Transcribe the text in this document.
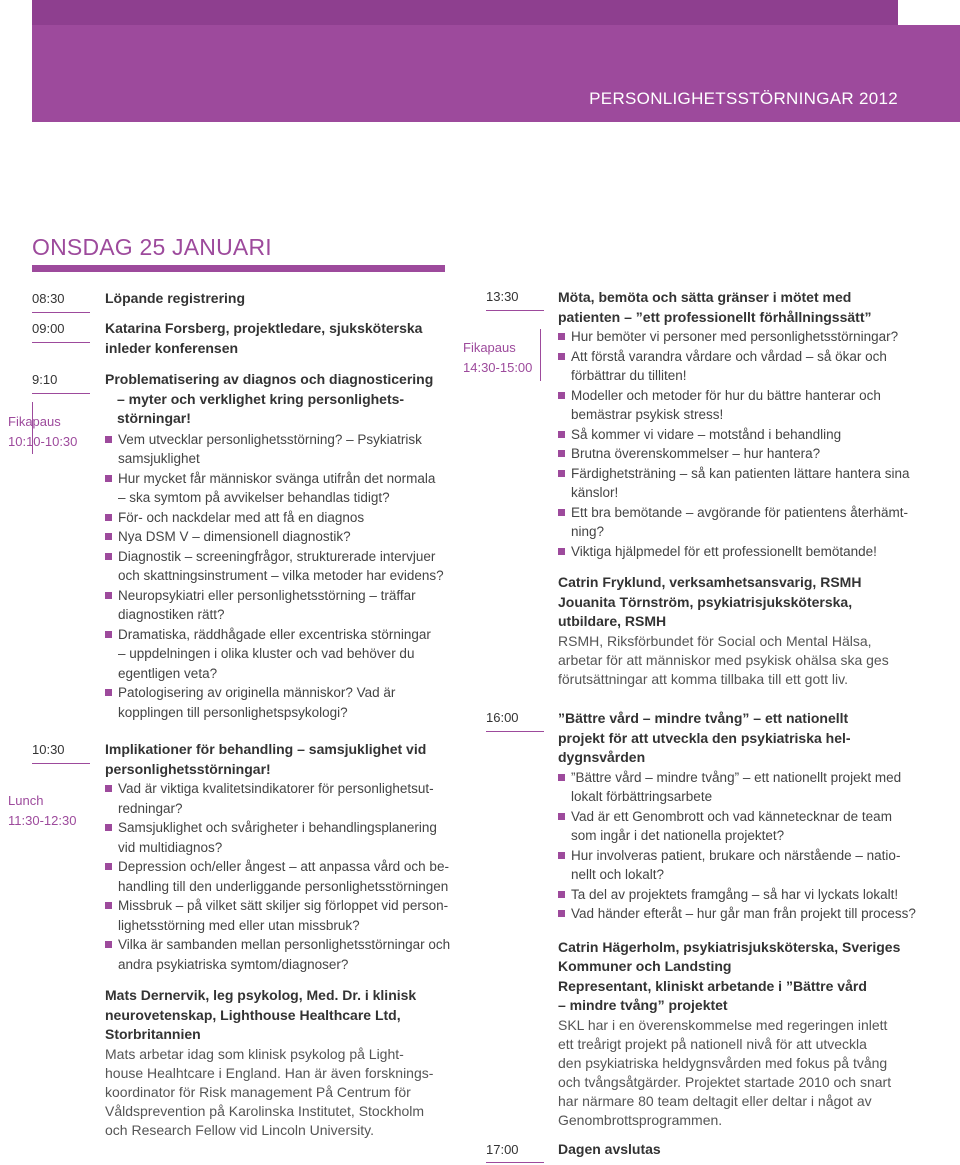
PERSONLIGHETSSTÖRNINGAR 2012
ONSDAG 25 JANUARI
08:30
09:00
9:10
Fikapaus
10:10-10:30
10:30
Lunch
11:30-12:30
Löpande registrering
Katarina Forsberg, projektledare, sjuksköterska
inleder konferensen
Problematisering av diagnos och diagnosticering
– myter och verklighet kring personlighets-
störningar!
Vem utvecklar personlighetsstörning? – Psykiatrisk
samsjuklighet
Hur mycket får människor svänga utifrån det normala
– ska symtom på avvikelser behandlas tidigt?
För- och nackdelar med att få en diagnos
Nya DSM V – dimensionell diagnostik?
Diagnostik – screeningfrågor, strukturerade intervjuer
och skattningsinstrument – vilka metoder har evidens?
Neuropsykiatri eller personlighetsstörning – träffar
diagnostiken rätt?
Dramatiska, räddhågade eller excentriska störningar
– uppdelningen i olika kluster och vad behöver du
egentligen veta?
Patologisering av originella människor? Vad är
kopplingen till personlighetspsykologi?
Implikationer för behandling – samsjuklighet vid
personlighetsstörningar!
Vad är viktiga kvalitetsindikatorer för personlighetsut-
redningar?
Samsjuklighet och svårigheter i behandlingsplanering
vid multidiagnos?
Depression och/eller ångest – att anpassa vård och be-
handling till den underliggande personlighetsstörningen
Missbruk – på vilket sätt skiljer sig förloppet vid person-
lighetsstörning med eller utan missbruk?
Vilka är sambanden mellan personlighetsstörningar och
andra psykiatriska symtom/diagnoser?
Mats Dernervik, leg psykolog, Med. Dr. i klinisk
neurovetenskap, Lighthouse Healthcare Ltd,
Storbritannien
Mats arbetar idag som klinisk psykolog på Light-
house Healhtcare i England. Han är även forsknings-
koordinator för Risk management På Centrum för
Våldsprevention på Karolinska Institutet, Stockholm
och Research Fellow vid Lincoln University.
13:30
Fikapaus
14:30-15:00
16:00
17:00
Möta, bemöta och sätta gränser i mötet med
patienten – ”ett professionellt förhållningssätt”
Hur bemöter vi personer med personlighetsstörningar?
Att förstå varandra vårdare och vårdad – så ökar och
förbättrar du tilliten!
Modeller och metoder för hur du bättre hanterar och
bemästrar psykisk stress!
Så kommer vi vidare – motstånd i behandling
Brutna överenskommelser – hur hantera?
Färdighetsträning – så kan patienten lättare hantera sina
känslor!
Ett bra bemötande – avgörande för patientens återhämt-
ning?
Viktiga hjälpmedel för ett professionellt bemötande!
Catrin Fryklund, verksamhetsansvarig, RSMH
Jouanita Törnström, psykiatrisjuksköterska,
utbildare, RSMH
RSMH, Riksförbundet för Social och Mental Hälsa,
arbetar för att människor med psykisk ohälsa ska ges
förutsättningar att komma tillbaka till ett gott liv.
”Bättre vård – mindre tvång” – ett nationellt
projekt för att utveckla den psykiatriska hel-
dygnsvården
”Bättre vård – mindre tvång” – ett nationellt projekt med
lokalt förbättringsarbete
Vad är ett Genombrott och vad kännetecknar de team
som ingår i det nationella projektet?
Hur involveras patient, brukare och närstående – natio-
nellt och lokalt?
Ta del av projektets framgång – så har vi lyckats lokalt!
Vad händer efteråt – hur går man från projekt till process?
Catrin Hägerholm, psykiatrisjuksköterska, Sveriges
Kommuner och Landsting
Representant, kliniskt arbetande i ”Bättre vård
– mindre tvång” projektet
SKL har i en överenskommelse med regeringen inlett
ett treårigt projekt på nationell nivå för att utveckla
den psykiatriska heldygnsvården med fokus på tvång
och tvångsåtgärder. Projektet startade 2010 och snart
har närmare 80 team deltagit eller deltar i något av
Genombrottsprogrammen.
Dagen avslutas
